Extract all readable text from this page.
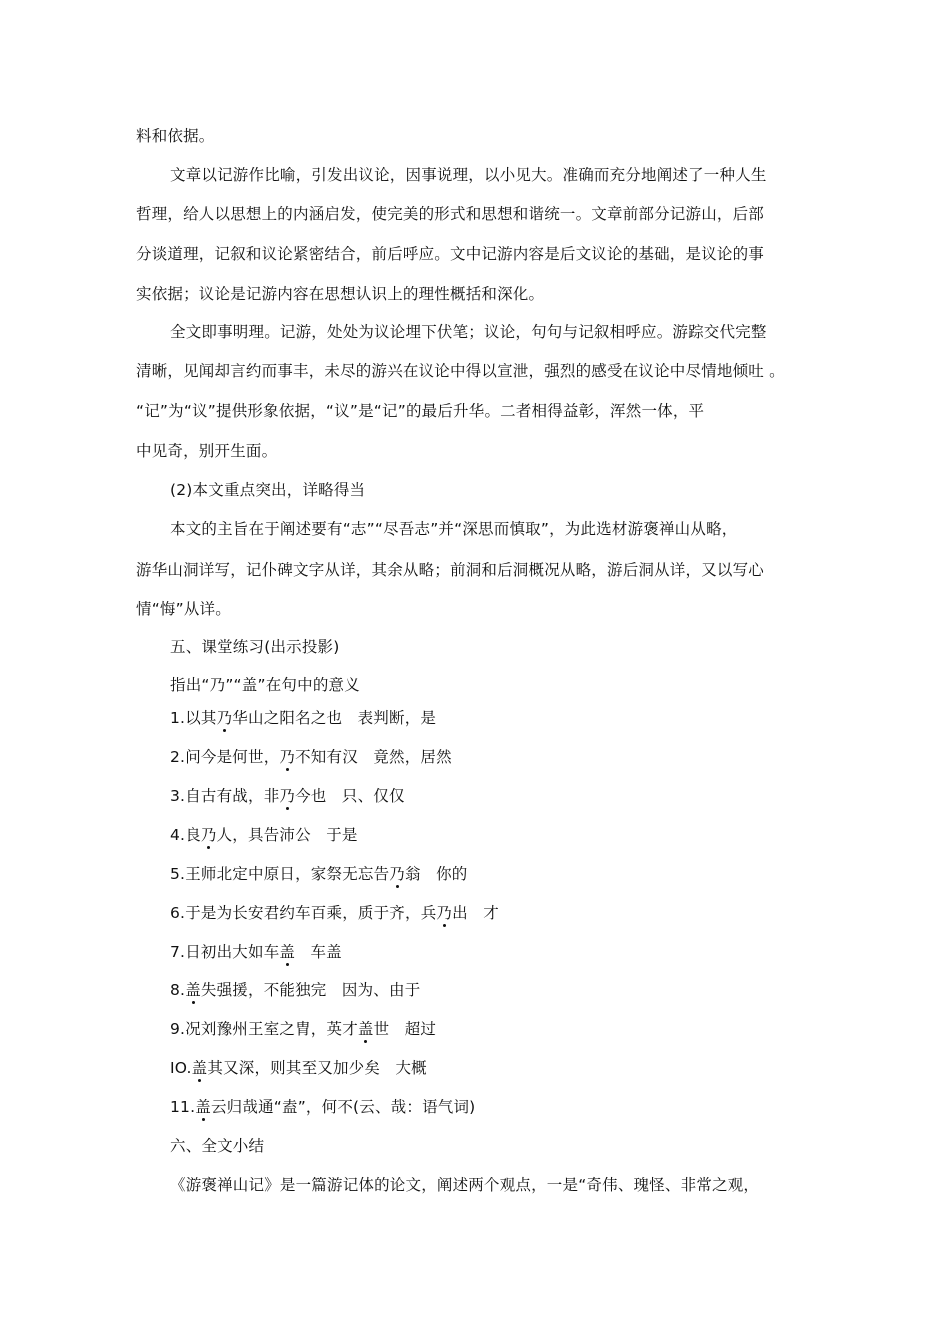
料和依据。
文章以记游作比喻，引发出议论，因事说理，以小见大。准确而充分地阐述了一种人生
哲理，给人以思想上的内涵启发，使完美的形式和思想和谐统一。文章前部分记游山，后部
分谈道理，记叙和议论紧密结合，前后呼应。文中记游内容是后文议论的基础，是议论的事
实依据；议论是记游内容在思想认识上的理性概括和深化。
全文即事明理。记游，处处为议论埋下伏笔；议论，句句与记叙相呼应。游踪交代完整
清晰，见闻却言约而事丰，未尽的游兴在议论中得以宣泄，强烈的感受在议论中尽情地倾吐 。
“记”为“议”提供形象依据，“议”是“记”的最后升华。二者相得益彰，浑然一体，平
中见奇，别开生面。
(2)本文重点突出，详略得当
本文的主旨在于阐述要有“志”“尽吾志”并“深思而慎取”，为此选材游褒禅山从略，
游华山洞详写，记仆碑文字从详，其余从略；前洞和后洞概况从略，游后洞从详，又以写心
情“悔”从详。
五、课堂练习(出示投影)
指出“乃”“盖”在句中的意义
1.以其乃华山之阳名之也 表判断，是
2.问今是何世，乃不知有汉 竟然，居然
3.自古有战，非乃今也 只、仅仅
4.良乃人，具告沛公 于是
5.王师北定中原日，家祭无忘告乃翁 你的
6.于是为长安君约车百乘，质于齐，兵乃出 才
7.日初出大如车盖 车盖
8.盖失强援，不能独完 因为、由于
9.况刘豫州王室之胄，英才盖世 超过
IO.盖其又深，则其至又加少矣 大概
11.盖云归哉通“盍”，何不(云、哉：语气词)
六、全文小结
《游褒禅山记》是一篇游记体的论文，阐述两个观点，一是“奇伟、瑰怪、非常之观，
